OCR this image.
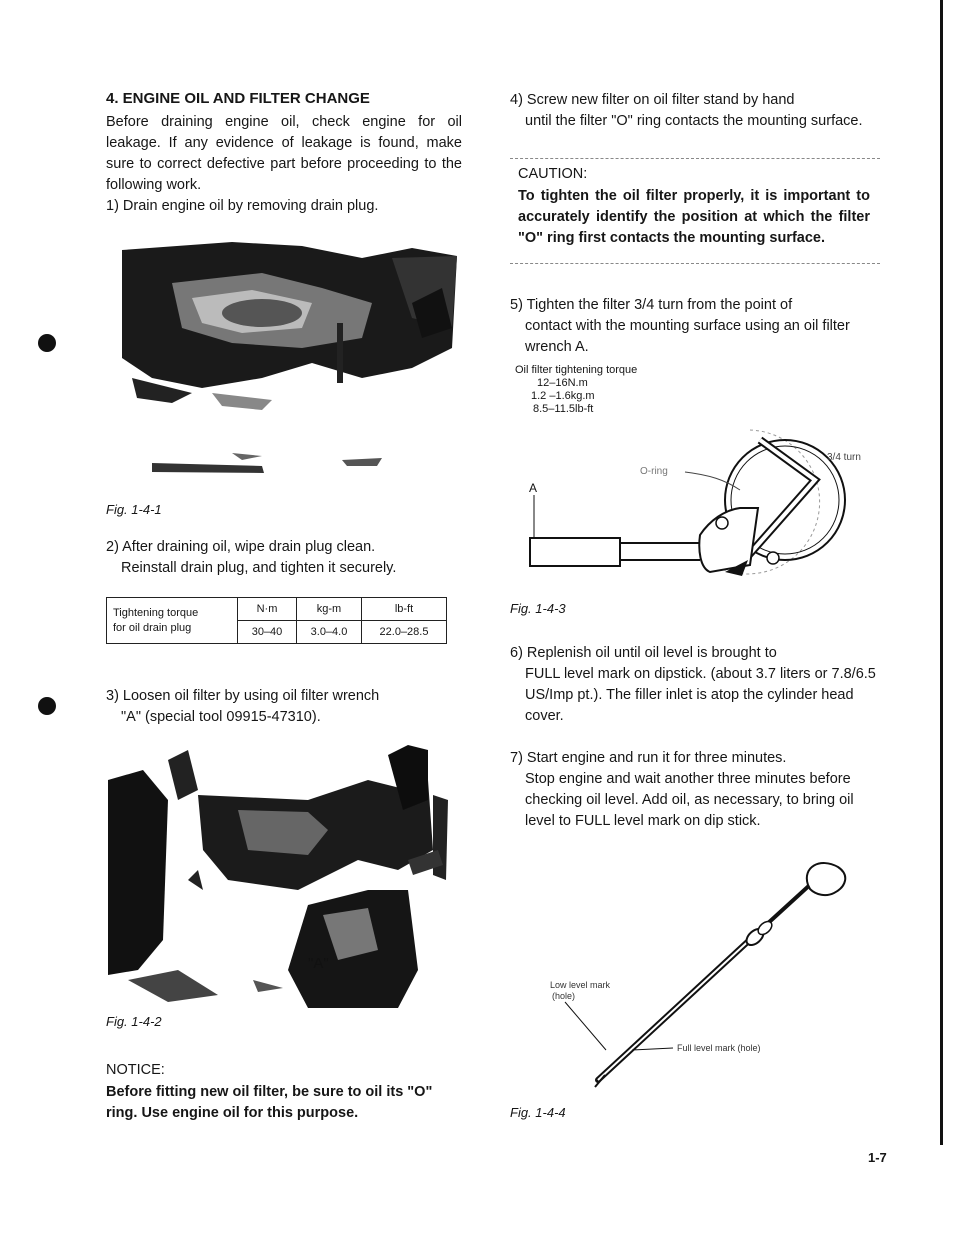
4. ENGINE OIL AND FILTER CHANGE
Before draining engine oil, check engine for oil leakage. If any evidence of leakage is found, make sure to correct defective part before proceeding to the following work.
1) Drain engine oil by removing drain plug.
Fig. 1-4-1
2) After draining oil, wipe drain plug clean.
Reinstall drain plug, and tighten it securely.
Tightening torque
for oil drain plug	N·m	kg-m	lb-ft
	30–40	3.0–4.0	22.0–28.5
3) Loosen oil filter by using oil filter wrench
"A" (special tool 09915-47310).
"A"
Fig. 1-4-2
NOTICE:
Before fitting new oil filter, be sure to oil its "O" ring. Use engine oil for this purpose.
4) Screw new filter on oil filter stand by hand
until the filter "O" ring contacts the mounting surface.
CAUTION:
To tighten the oil filter properly, it is important to accurately identify the position at which the filter "O" ring first contacts the mounting surface.
5) Tighten the filter 3/4 turn from the point of
contact with the mounting surface using an oil filter wrench A.
Oil filter tightening torque
12–16N.m
1.2 –1.6kg.m
8.5–11.5lb-ft
A
O-ring
3/4 turn
Fig. 1-4-3
6) Replenish oil until oil level is brought to
FULL level mark on dipstick. (about 3.7 liters or 7.8/6.5 US/Imp pt.). The filler inlet is atop the cylinder head cover.
7) Start engine and run it for three minutes.
Stop engine and wait another three minutes before checking oil level. Add oil, as necessary, to bring oil level to FULL level mark on dip stick.
Low level mark
(hole)
Full level mark (hole)
Fig. 1-4-4
1-7
